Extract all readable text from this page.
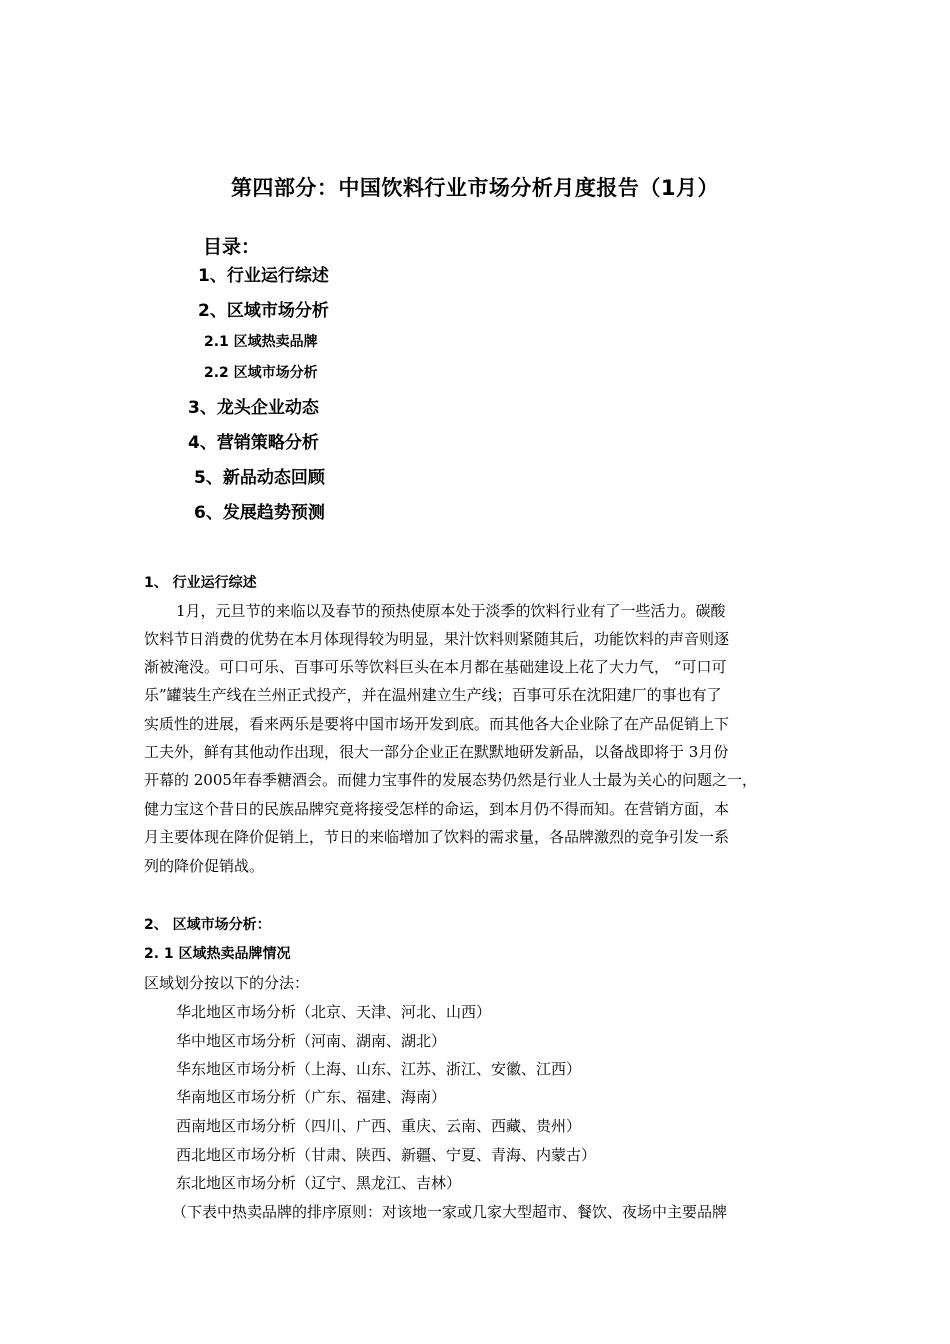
第四部分：中国饮料行业市场分析月度报告（1月）
目录：
1、行业运行综述
2、区域市场分析
2.1 区域热卖品牌
2.2 区域市场分析
3、龙头企业动态
4、营销策略分析
5、新品动态回顾
6、发展趋势预测
1、 行业运行综述
1月，元旦节的来临以及春节的预热使原本处于淡季的饮料行业有了一些活力。碳酸
饮料节日消费的优势在本月体现得较为明显，果汁饮料则紧随其后，功能饮料的声音则逐
渐被淹没。可口可乐、百事可乐等饮料巨头在本月都在基础建设上花了大力气， “可口可
乐”罐装生产线在兰州正式投产，并在温州建立生产线；百事可乐在沈阳建厂的事也有了
实质性的进展，看来两乐是要将中国市场开发到底。而其他各大企业除了在产品促销上下
工夫外，鲜有其他动作出现，很大一部分企业正在默默地研发新品，以备战即将于 3月份
开幕的 2005年春季糖酒会。而健力宝事件的发展态势仍然是行业人士最为关心的问题之一，
健力宝这个昔日的民族品牌究竟将接受怎样的命运，到本月仍不得而知。在营销方面，本
月主要体现在降价促销上，节日的来临增加了饮料的需求量，各品牌激烈的竞争引发一系
列的降价促销战。
2、 区域市场分析：
2. 1 区域热卖品牌情况
区域划分按以下的分法：
华北地区市场分析（北京、天津、河北、山西）
华中地区市场分析（河南、湖南、湖北）
华东地区市场分析（上海、山东、江苏、浙江、安徽、江西）
华南地区市场分析（广东、福建、海南）
西南地区市场分析（四川、广西、重庆、云南、西藏、贵州）
西北地区市场分析（甘肃、陕西、新疆、宁夏、青海、内蒙古）
东北地区市场分析（辽宁、黑龙江、吉林）
（下表中热卖品牌的排序原则：对该地一家或几家大型超市、餐饮、夜场中主要品牌
